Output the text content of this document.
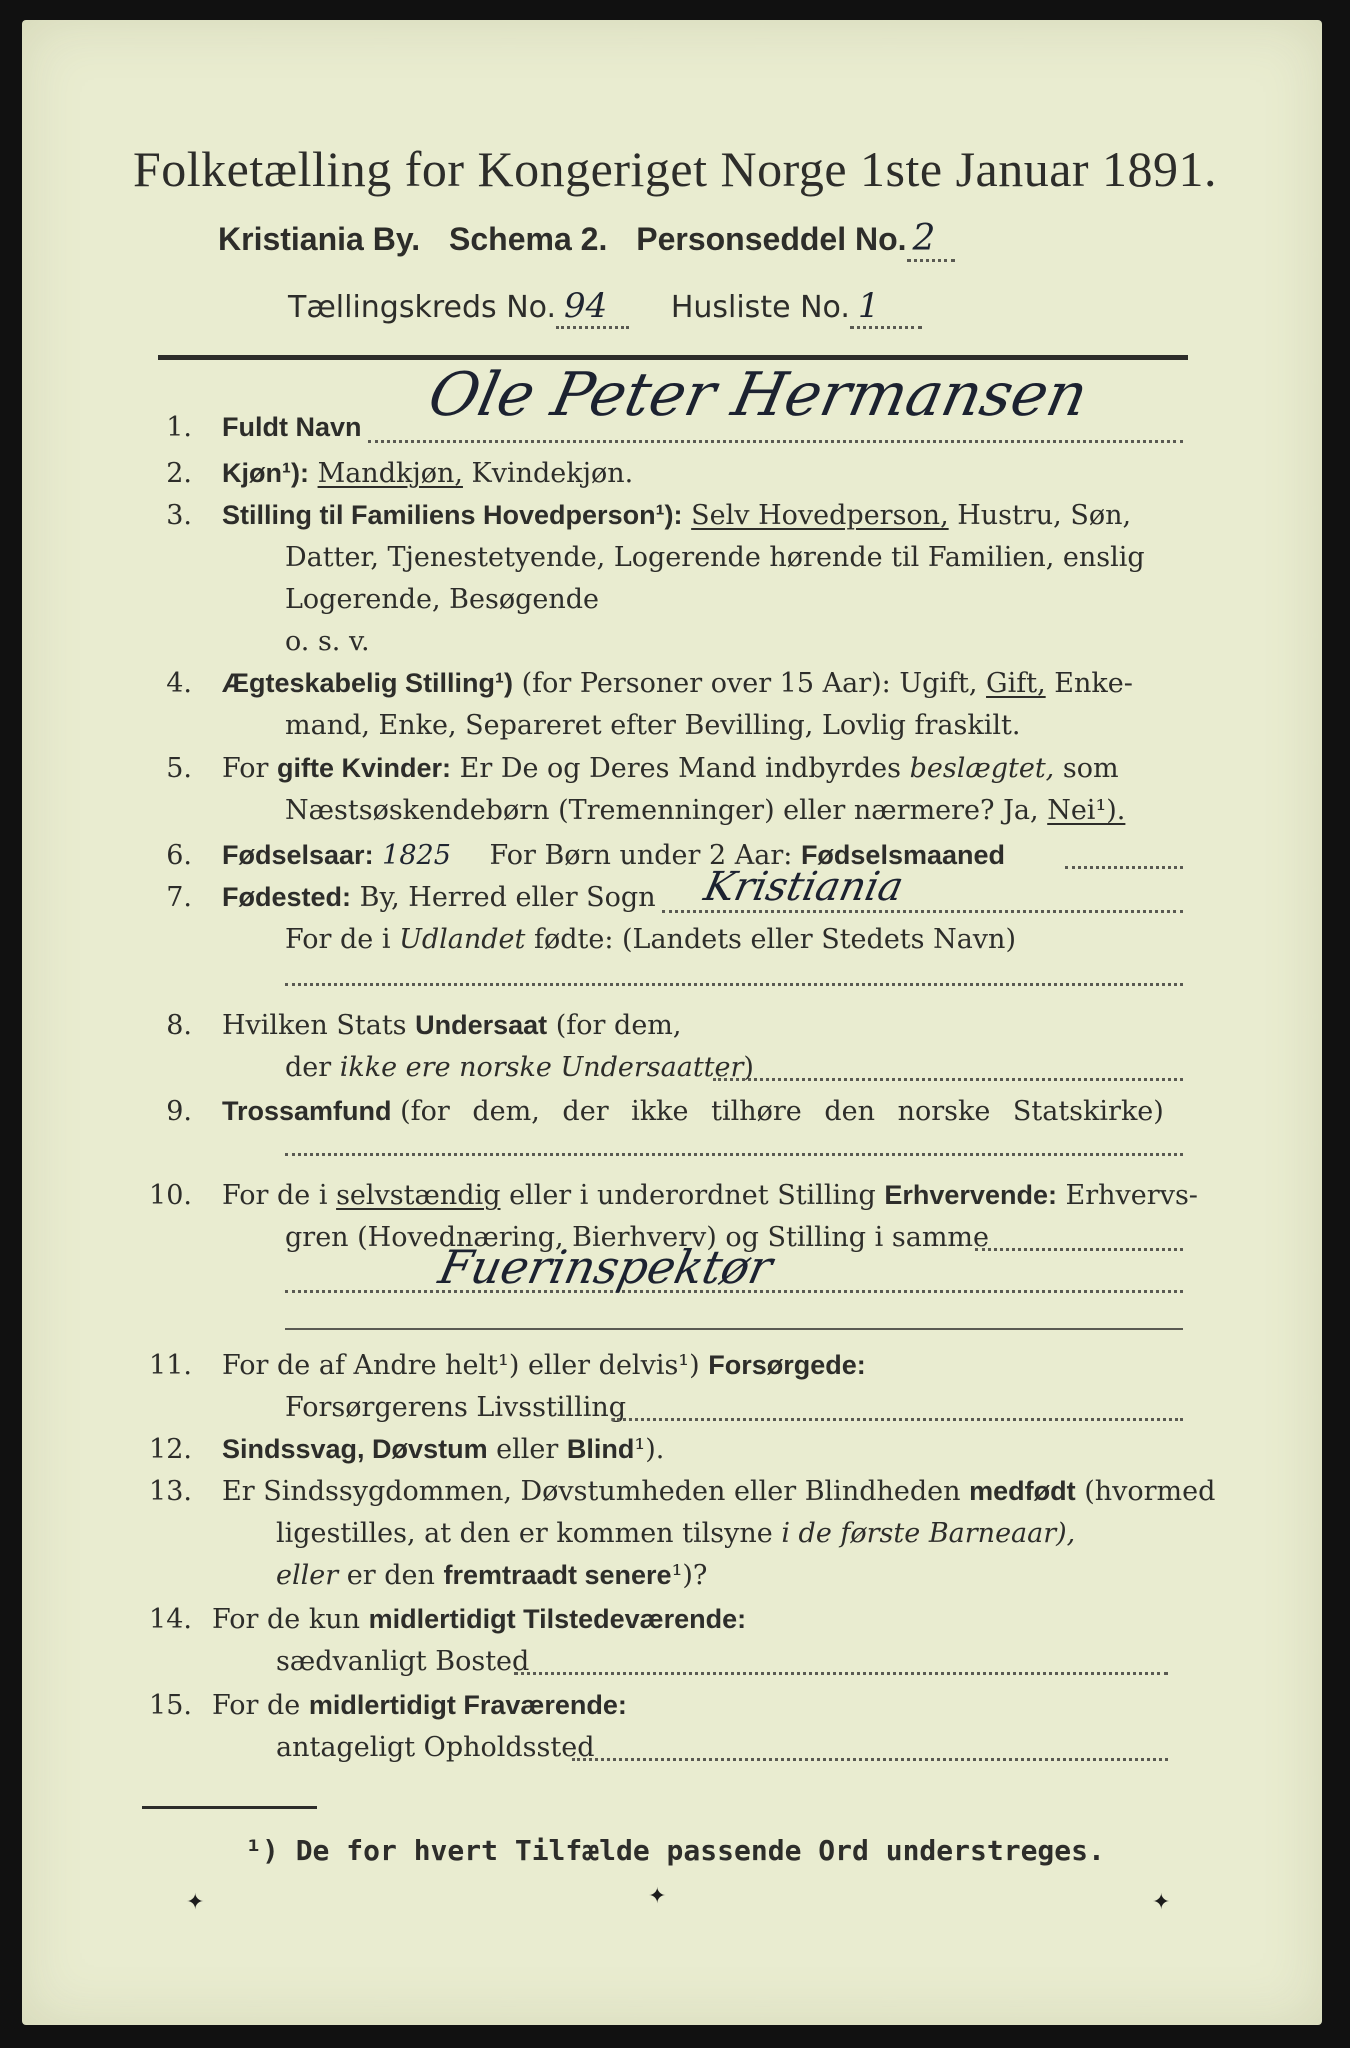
Folketælling for Kongeriget Norge 1ste Januar 1891.
Kristiania By. Schema 2. Personseddel No. 2
Tællingskreds No. 94 Husliste No. 1
1. Fuldt Navn Ole Peter Hermansen
2. Kjøn¹): Mandkjøn, Kvindekjøn.
3. Stilling til Familiens Hovedperson¹): Selv Hovedperson, Hustru, Søn,
Datter, Tjenestetyende, Logerende hørende til Familien, enslig
Logerende, Besøgende
o. s. v.
4. Ægteskabelig Stilling¹) (for Personer over 15 Aar): Ugift, Gift, Enke-
mand, Enke, Separeret efter Bevilling, Lovlig fraskilt.
5. For gifte Kvinder: Er De og Deres Mand indbyrdes beslægtet, som
Næstsøskendebørn (Tremenninger) eller nærmere? Ja, Nei¹).
6. Fødselsaar: 1825 For Børn under 2 Aar: Fødselsmaaned
7. Fødested: By, Herred eller Sogn Kristiania
For de i Udlandet fødte: (Landets eller Stedets Navn)
8. Hvilken Stats Undersaat (for dem,
der ikke ere norske Undersaatter)
9. Trossamfund (for dem, der ikke tilhøre den norske Statskirke)
10. For de i selvstændig eller i underordnet Stilling Erhvervende: Erhvervs-
gren (Hovednæring, Bierhverv) og Stilling i samme
Fuerinspektør
11. For de af Andre helt¹) eller delvis¹) Forsørgede:
Forsørgerens Livsstilling
12. Sindssvag, Døvstum eller Blind¹).
13. Er Sindssygdommen, Døvstumheden eller Blindheden medfødt (hvormed
ligestilles, at den er kommen tilsyne i de første Barneaar),
eller er den fremtraadt senere¹)?
14. For de kun midlertidigt Tilstedeværende:
sædvanligt Bosted
15. For de midlertidigt Fraværende:
antageligt Opholdssted
¹) De for hvert Tilfælde passende Ord understreges.
✦	✦	✦
